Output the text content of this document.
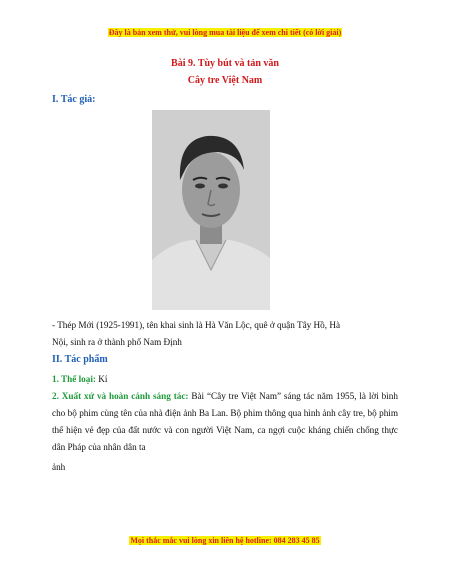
Đây là bản xem thử, vui lòng mua tài liệu để xem chi tiết (có lời giải)
Bài 9. Tùy bút và tản văn
Cây tre Việt Nam
I. Tác giả:
- Thép Mới (1925-1991), tên khai sinh là Hà Văn Lộc, quê ở quận Tây Hồ, Hà
Nội, sinh ra ở thành phố Nam Định
II. Tác phẩm
1. Thể loại: Kí
2. Xuất xứ và hoàn cảnh sáng tác: Bài “Cây tre Việt Nam” sáng tác năm 1955, là lời bình cho bộ phim cùng tên của nhà điện ảnh Ba Lan. Bộ phim thông qua hình ảnh cây tre, bộ phim thể hiện vẻ đẹp của đất nước và con người Việt Nam, ca ngợi cuộc kháng chiến chống thực dân Pháp của nhân dân ta
ảnh
Mọi thắc mắc vui lòng xin liên hệ hotline: 084 283 45 85
